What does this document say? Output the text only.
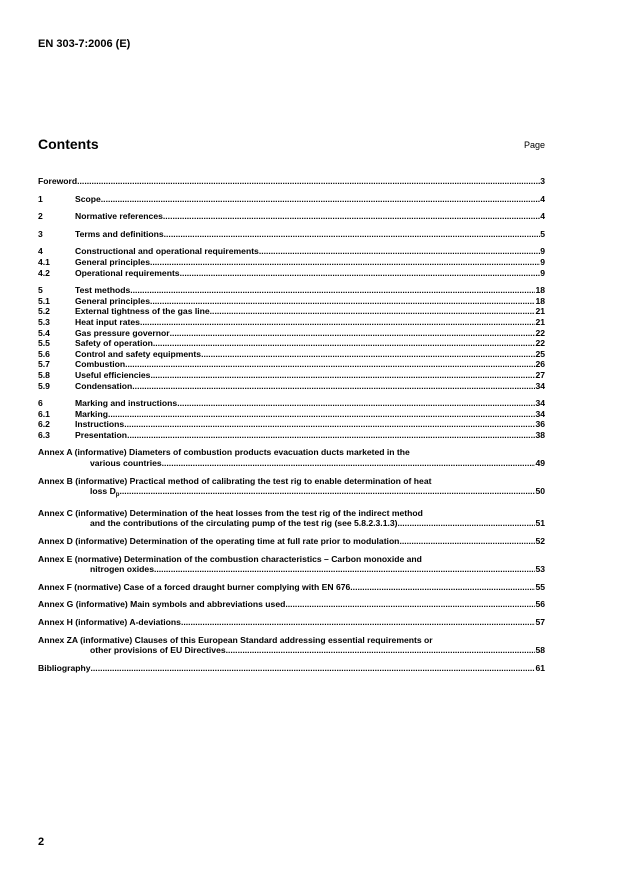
EN 303-7:2006 (E)
Contents	Page
Foreword .....	3
1	Scope .....	4
2	Normative references .....	4
3	Terms and definitions .....	5
4	Constructional and operational requirements .....	9
4.1	General principles .....	9
4.2	Operational requirements .....	9
5	Test methods .....	18
5.1	General principles .....	18
5.2	External tightness of the gas line .....	21
5.3	Heat input rates .....	21
5.4	Gas pressure governor .....	22
5.5	Safety of operation .....	22
5.6	Control and safety equipments .....	25
5.7	Combustion .....	26
5.8	Useful efficiencies .....	27
5.9	Condensation .....	34
6	Marking and instructions .....	34
6.1	Marking .....	34
6.2	Instructions .....	36
6.3	Presentation .....	38
Annex A (informative) Diameters of combustion products evacuation ducts marketed in the
various countries .....	49
Annex B (informative) Practical method of calibrating the test rig to enable determination of heat
loss $D_p$ .....	50
Annex C (informative) Determination of the heat losses from the test rig of the indirect method
and the contributions of the circulating pump of the test rig (see 5.8.2.3.1.3) .....	51
Annex D (informative) Determination of the operating time at full rate prior to modulation .....	52
Annex E (normative) Determination of the combustion characteristics – Carbon monoxide and
nitrogen oxides .....	53
Annex F (normative) Case of a forced draught burner complying with EN 676 .....	55
Annex G (informative) Main symbols and abbreviations used .....	56
Annex H (informative) A-deviations .....	57
Annex ZA (informative) Clauses of this European Standard addressing essential requirements or
other provisions of EU Directives. .....	58
Bibliography .....	61
2
